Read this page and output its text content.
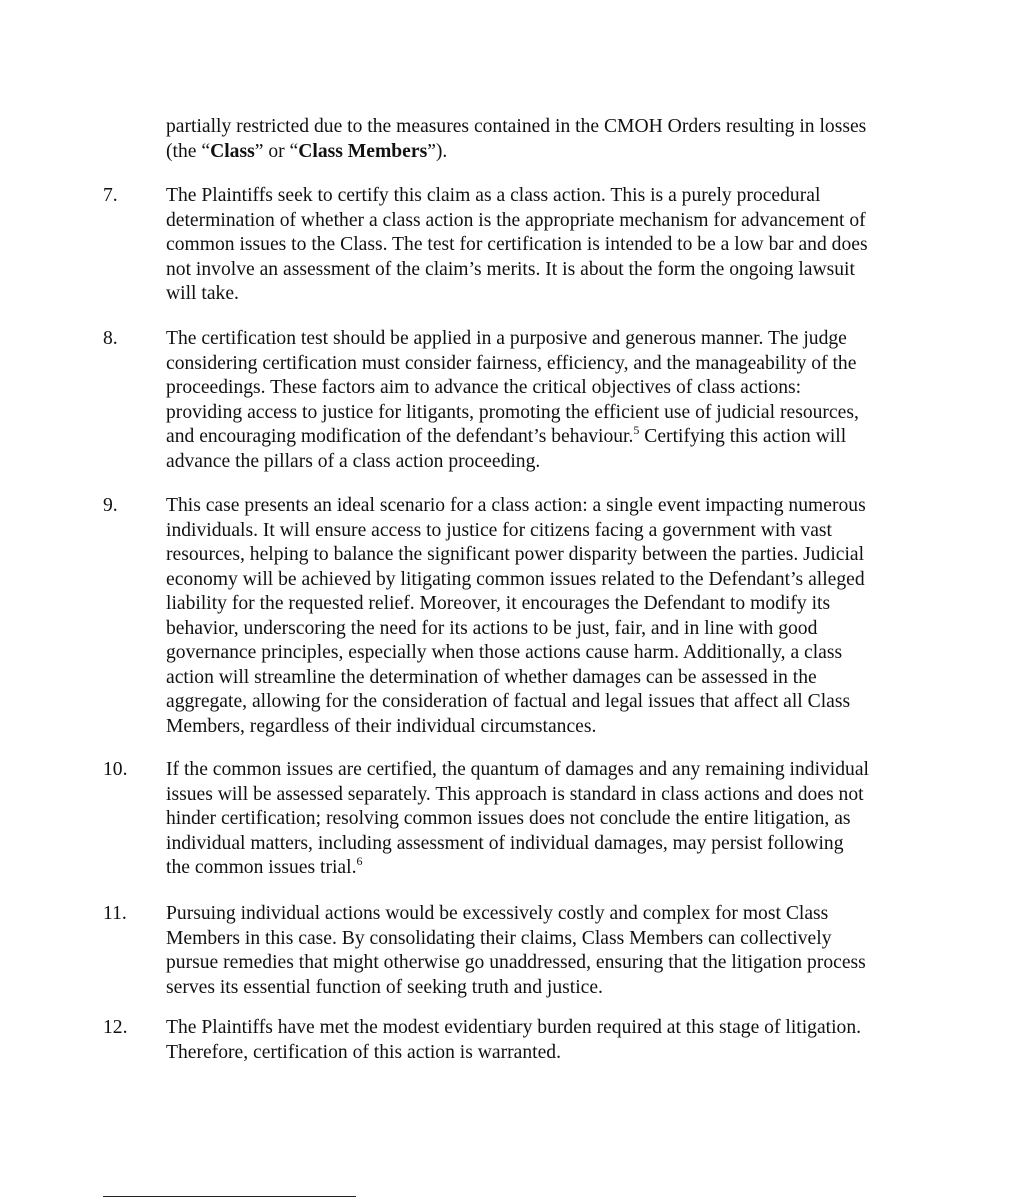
partially restricted due to the measures contained in the CMOH Orders resulting in losses
(the “Class” or “Class Members”).
7.	The Plaintiffs seek to certify this claim as a class action. This is a purely procedural
determination of whether a class action is the appropriate mechanism for advancement of
common issues to the Class. The test for certification is intended to be a low bar and does
not involve an assessment of the claim’s merits. It is about the form the ongoing lawsuit
will take.
8.	The certification test should be applied in a purposive and generous manner. The judge
considering certification must consider fairness, efficiency, and the manageability of the
proceedings. These factors aim to advance the critical objectives of class actions:
providing access to justice for litigants, promoting the efficient use of judicial resources,
and encouraging modification of the defendant’s behaviour.$^5$ Certifying this action will
advance the pillars of a class action proceeding.
9.	This case presents an ideal scenario for a class action: a single event impacting numerous
individuals. It will ensure access to justice for citizens facing a government with vast
resources, helping to balance the significant power disparity between the parties. Judicial
economy will be achieved by litigating common issues related to the Defendant’s alleged
liability for the requested relief. Moreover, it encourages the Defendant to modify its
behavior, underscoring the need for its actions to be just, fair, and in line with good
governance principles, especially when those actions cause harm. Additionally, a class
action will streamline the determination of whether damages can be assessed in the
aggregate, allowing for the consideration of factual and legal issues that affect all Class
Members, regardless of their individual circumstances.
10.	If the common issues are certified, the quantum of damages and any remaining individual
issues will be assessed separately. This approach is standard in class actions and does not
hinder certification; resolving common issues does not conclude the entire litigation, as
individual matters, including assessment of individual damages, may persist following
the common issues trial.$^6$
11.	Pursuing individual actions would be excessively costly and complex for most Class
Members in this case. By consolidating their claims, Class Members can collectively
pursue remedies that might otherwise go unaddressed, ensuring that the litigation process
serves its essential function of seeking truth and justice.
12.	The Plaintiffs have met the modest evidentiary burden required at this stage of litigation.
Therefore, certification of this action is warranted.
